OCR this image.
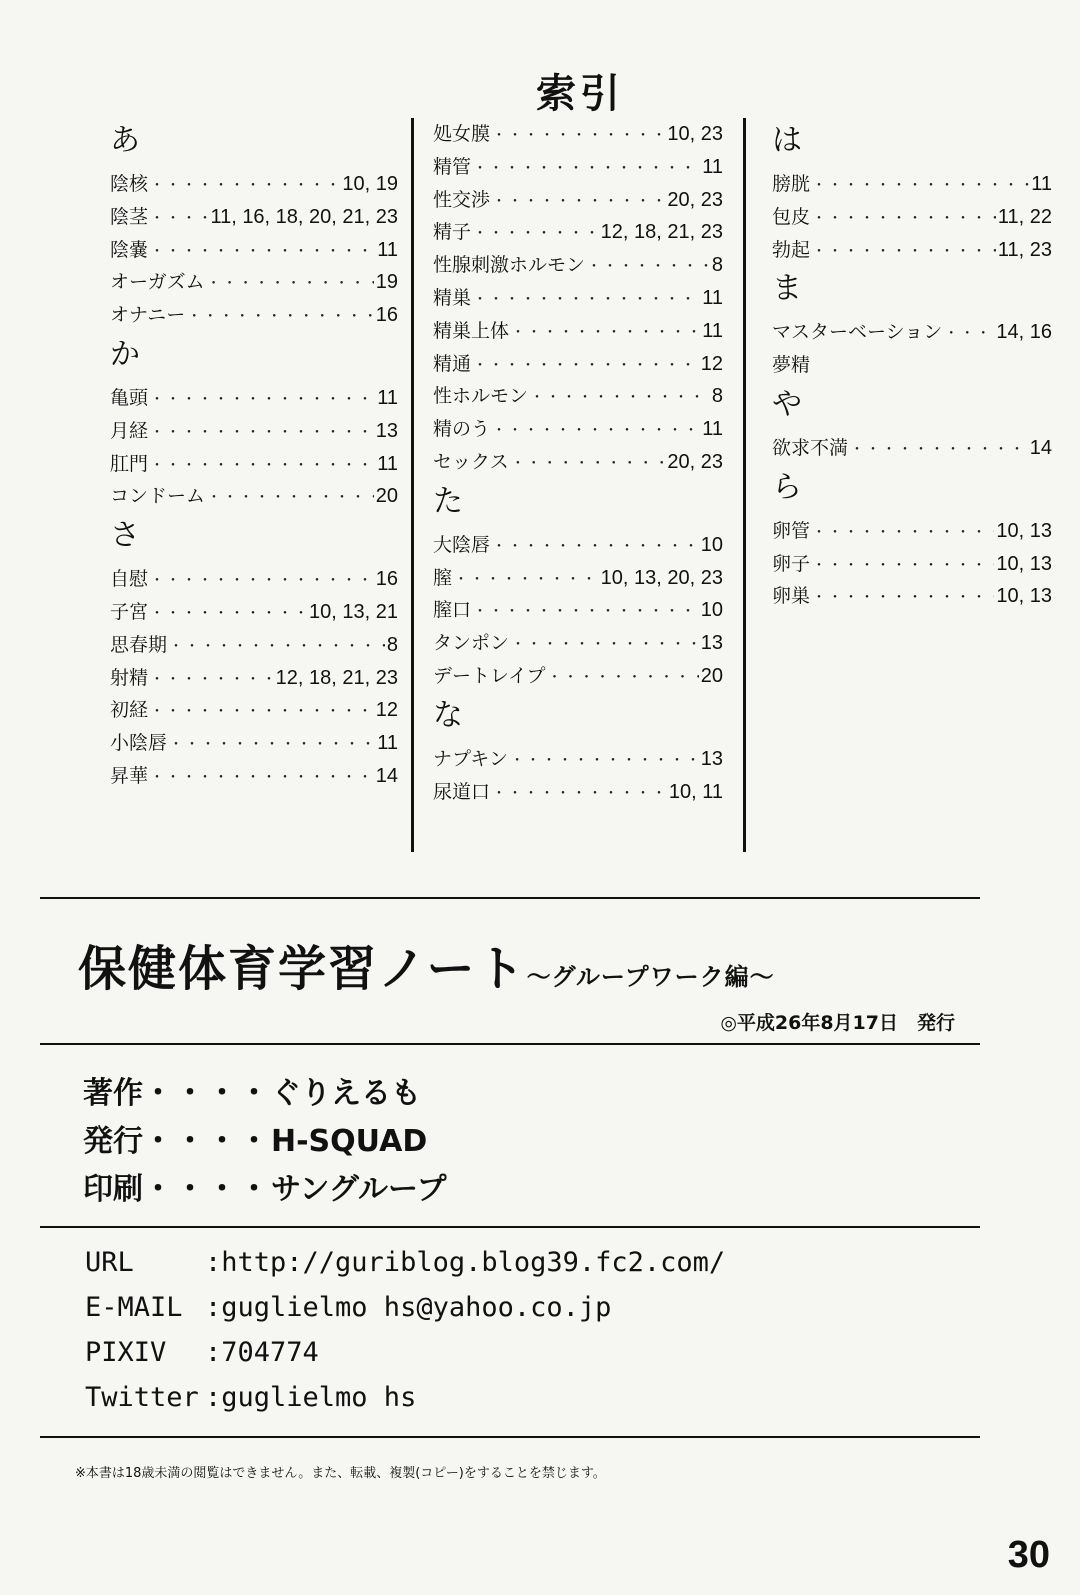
索引
あ
陰核 ・・・・・・・・・・・・・・・・・・・・・・・・・・・・・・・・・・・・・・・・・・・・・・・・・・	10, 19
陰茎 ・・・・・・・・・・・・・・・・・・・・・・・・・・・・・・・・・・・・・・・・・・・・・・・・・・	11, 16, 18, 20, 21, 23
陰嚢 ・・・・・・・・・・・・・・・・・・・・・・・・・・・・・・・・・・・・・・・・・・・・・・・・・・	11
オーガズム ・・・・・・・・・・・・・・・・・・・・・・・・・・・・・・・・・・・・・・・・・・・・・・・・・・	19
オナニー ・・・・・・・・・・・・・・・・・・・・・・・・・・・・・・・・・・・・・・・・・・・・・・・・・・	16
か
亀頭 ・・・・・・・・・・・・・・・・・・・・・・・・・・・・・・・・・・・・・・・・・・・・・・・・・・	11
月経 ・・・・・・・・・・・・・・・・・・・・・・・・・・・・・・・・・・・・・・・・・・・・・・・・・・	13
肛門 ・・・・・・・・・・・・・・・・・・・・・・・・・・・・・・・・・・・・・・・・・・・・・・・・・・	11
コンドーム ・・・・・・・・・・・・・・・・・・・・・・・・・・・・・・・・・・・・・・・・・・・・・・・・・・	20
さ
自慰 ・・・・・・・・・・・・・・・・・・・・・・・・・・・・・・・・・・・・・・・・・・・・・・・・・・	16
子宮 ・・・・・・・・・・・・・・・・・・・・・・・・・・・・・・・・・・・・・・・・・・・・・・・・・・	10, 13, 21
思春期 ・・・・・・・・・・・・・・・・・・・・・・・・・・・・・・・・・・・・・・・・・・・・・・・・・・	8
射精 ・・・・・・・・・・・・・・・・・・・・・・・・・・・・・・・・・・・・・・・・・・・・・・・・・・	12, 18, 21, 23
初経 ・・・・・・・・・・・・・・・・・・・・・・・・・・・・・・・・・・・・・・・・・・・・・・・・・・	12
小陰唇 ・・・・・・・・・・・・・・・・・・・・・・・・・・・・・・・・・・・・・・・・・・・・・・・・・・	11
昇華 ・・・・・・・・・・・・・・・・・・・・・・・・・・・・・・・・・・・・・・・・・・・・・・・・・・	14
処女膜 ・・・・・・・・・・・・・・・・・・・・・・・・・・・・・・・・・・・・・・・・・・・・・・・・・・	10, 23
精管 ・・・・・・・・・・・・・・・・・・・・・・・・・・・・・・・・・・・・・・・・・・・・・・・・・・	11
性交渉 ・・・・・・・・・・・・・・・・・・・・・・・・・・・・・・・・・・・・・・・・・・・・・・・・・・	20, 23
精子 ・・・・・・・・・・・・・・・・・・・・・・・・・・・・・・・・・・・・・・・・・・・・・・・・・・	12, 18, 21, 23
性腺刺激ホルモン ・・・・・・・・・・・・・・・・・・・・・・・・・・・・・・・・・・・・・・・・・・・・・・・・・・	8
精巣 ・・・・・・・・・・・・・・・・・・・・・・・・・・・・・・・・・・・・・・・・・・・・・・・・・・	11
精巣上体 ・・・・・・・・・・・・・・・・・・・・・・・・・・・・・・・・・・・・・・・・・・・・・・・・・・	11
精通 ・・・・・・・・・・・・・・・・・・・・・・・・・・・・・・・・・・・・・・・・・・・・・・・・・・	12
性ホルモン ・・・・・・・・・・・・・・・・・・・・・・・・・・・・・・・・・・・・・・・・・・・・・・・・・・	8
精のう ・・・・・・・・・・・・・・・・・・・・・・・・・・・・・・・・・・・・・・・・・・・・・・・・・・	11
セックス ・・・・・・・・・・・・・・・・・・・・・・・・・・・・・・・・・・・・・・・・・・・・・・・・・・	20, 23
た
大陰唇 ・・・・・・・・・・・・・・・・・・・・・・・・・・・・・・・・・・・・・・・・・・・・・・・・・・	10
膣 ・・・・・・・・・・・・・・・・・・・・・・・・・・・・・・・・・・・・・・・・・・・・・・・・・・	10, 13, 20, 23
膣口 ・・・・・・・・・・・・・・・・・・・・・・・・・・・・・・・・・・・・・・・・・・・・・・・・・・	10
タンポン ・・・・・・・・・・・・・・・・・・・・・・・・・・・・・・・・・・・・・・・・・・・・・・・・・・	13
デートレイプ ・・・・・・・・・・・・・・・・・・・・・・・・・・・・・・・・・・・・・・・・・・・・・・・・・・	20
な
ナプキン ・・・・・・・・・・・・・・・・・・・・・・・・・・・・・・・・・・・・・・・・・・・・・・・・・・	13
尿道口 ・・・・・・・・・・・・・・・・・・・・・・・・・・・・・・・・・・・・・・・・・・・・・・・・・・	10, 11
は
膀胱 ・・・・・・・・・・・・・・・・・・・・・・・・・・・・・・・・・・・・・・・・・・・・・・・・・・	11
包皮 ・・・・・・・・・・・・・・・・・・・・・・・・・・・・・・・・・・・・・・・・・・・・・・・・・・	11, 22
勃起 ・・・・・・・・・・・・・・・・・・・・・・・・・・・・・・・・・・・・・・・・・・・・・・・・・・	11, 23
ま
マスターベーション ・・・・・・・・・・・・・・・・・・・・・・・・・・・・・・・・・・・・・・・・・・・・・・・・・・	14, 16
夢精
や
欲求不満 ・・・・・・・・・・・・・・・・・・・・・・・・・・・・・・・・・・・・・・・・・・・・・・・・・・	14
ら
卵管 ・・・・・・・・・・・・・・・・・・・・・・・・・・・・・・・・・・・・・・・・・・・・・・・・・・	10, 13
卵子 ・・・・・・・・・・・・・・・・・・・・・・・・・・・・・・・・・・・・・・・・・・・・・・・・・・	10, 13
卵巣 ・・・・・・・・・・・・・・・・・・・・・・・・・・・・・・・・・・・・・・・・・・・・・・・・・・	10, 13
保健体育学習ノート～グループワーク編～
◎平成26年8月17日　発行
著作・・・・ぐりえるも
発行・・・・H-SQUAD
印刷・・・・サングループ
URL	:http://guriblog.blog39.fc2.com/
E-MAIL :guglielmo hs@yahoo.co.jp
PIXIV :704774
Twitter :guglielmo hs
※本書は18歳未満の閲覧はできません。また、転載、複製(コピー)をすることを禁じます。
30
